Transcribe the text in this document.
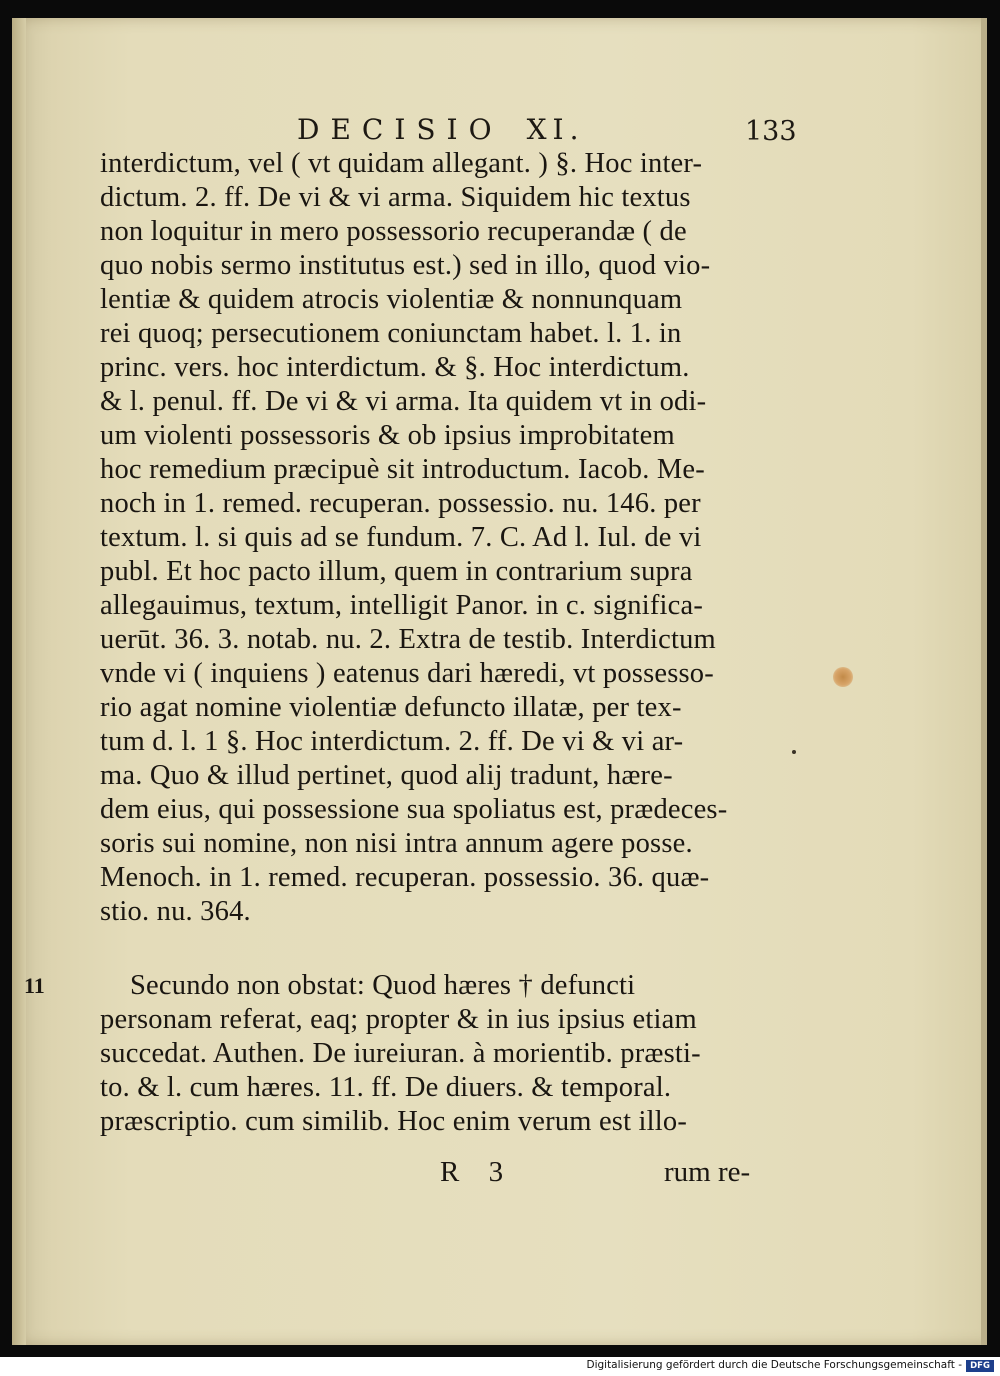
DECISIO XI.	133
interdictum, vel ( vt quidam allegant. ) §. Hoc inter-
dictum. 2. ff. De vi & vi arma. Siquidem hic textus
non loquitur in mero possessorio recuperandæ ( de
quo nobis sermo institutus est.) sed in illo, quod vio-
lentiæ & quidem atrocis violentiæ & nonnunquam
rei quoq; persecutionem coniunctam habet. l. 1. in
princ. vers. hoc interdictum. & §. Hoc interdictum.
& l. penul. ff. De vi & vi arma. Ita quidem vt in odi-
um violenti possessoris & ob ipsius improbitatem
hoc remedium præcipuè sit introductum. Iacob. Me-
noch in 1. remed. recuperan. possessio. nu. 146. per
textum. l. si quis ad se fundum. 7. C. Ad l. Iul. de vi
publ. Et hoc pacto illum, quem in contrarium supra
allegauimus, textum, intelligit Panor. in c. significa-
uerūt. 36. 3. notab. nu. 2. Extra de testib. Interdictum
vnde vi ( inquiens ) eatenus dari hæredi, vt possesso-
rio agat nomine violentiæ defuncto illatæ, per tex-
tum d. l. 1 §. Hoc interdictum. 2. ff. De vi & vi ar-
ma. Quo & illud pertinet, quod alij tradunt, hære-
dem eius, qui possessione sua spoliatus est, prædeces-
soris sui nomine, non nisi intra annum agere posse.
Menoch. in 1. remed. recuperan. possessio. 36. quæ-
stio. nu. 364.
11	Secundo non obstat: Quod hæres † defuncti
personam referat, eaq; propter & in ius ipsius etiam
succedat. Authen. De iureiuran. à morientib. præsti-
to. & l. cum hæres. 11. ff. De diuers. & temporal.
præscriptio. cum similib. Hoc enim verum est illo-
R 3	rum re-
Digitalisierung gefördert durch die Deutsche Forschungsgemeinschaft - DFG
